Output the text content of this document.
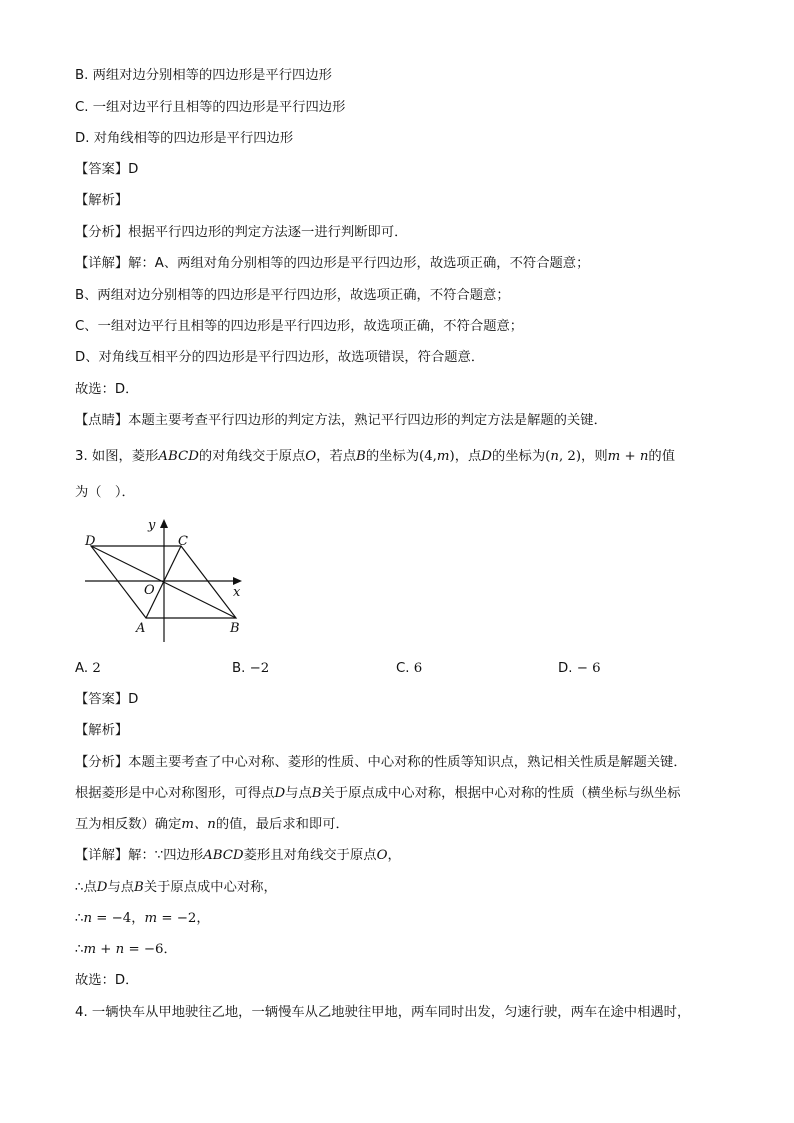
B. 两组对边分别相等的四边形是平行四边形
C. 一组对边平行且相等的四边形是平行四边形
D. 对角线相等的四边形是平行四边形
【答案】D
【解析】
【分析】根据平行四边形的判定方法逐一进行判断即可．
【详解】解：A、两组对角分别相等的四边形是平行四边形，故选项正确，不符合题意；
B、两组对边分别相等的四边形是平行四边形，故选项正确，不符合题意；
C、一组对边平行且相等的四边形是平行四边形，故选项正确，不符合题意；
D、对角线互相平分的四边形是平行四边形，故选项错误，符合题意．
故选：D．
【点睛】本题主要考查平行四边形的判定方法，熟记平行四边形的判定方法是解题的关键．
3. 如图，菱形ABCD的对角线交于原点O，若点B的坐标为(4,m)，点D的坐标为(n, 2)，则m + n的值
为（　）．
y
x
D	C
O
A	B
A. 2	B. −2	C. 6	D. − 6
【答案】D
【解析】
【分析】本题主要考查了中心对称、菱形的性质、中心对称的性质等知识点，熟记相关性质是解题关键．
根据菱形是中心对称图形，可得点D与点B关于原点成中心对称，根据中心对称的性质（横坐标与纵坐标
互为相反数）确定m、n的值，最后求和即可．
【详解】解：∵四边形ABCD菱形且对角线交于原点O，
∴点D与点B关于原点成中心对称，
∴n = −4，m = −2，
∴m + n = −6．
故选：D．
4. 一辆快车从甲地驶往乙地，一辆慢车从乙地驶往甲地，两车同时出发，匀速行驶，两车在途中相遇时，
